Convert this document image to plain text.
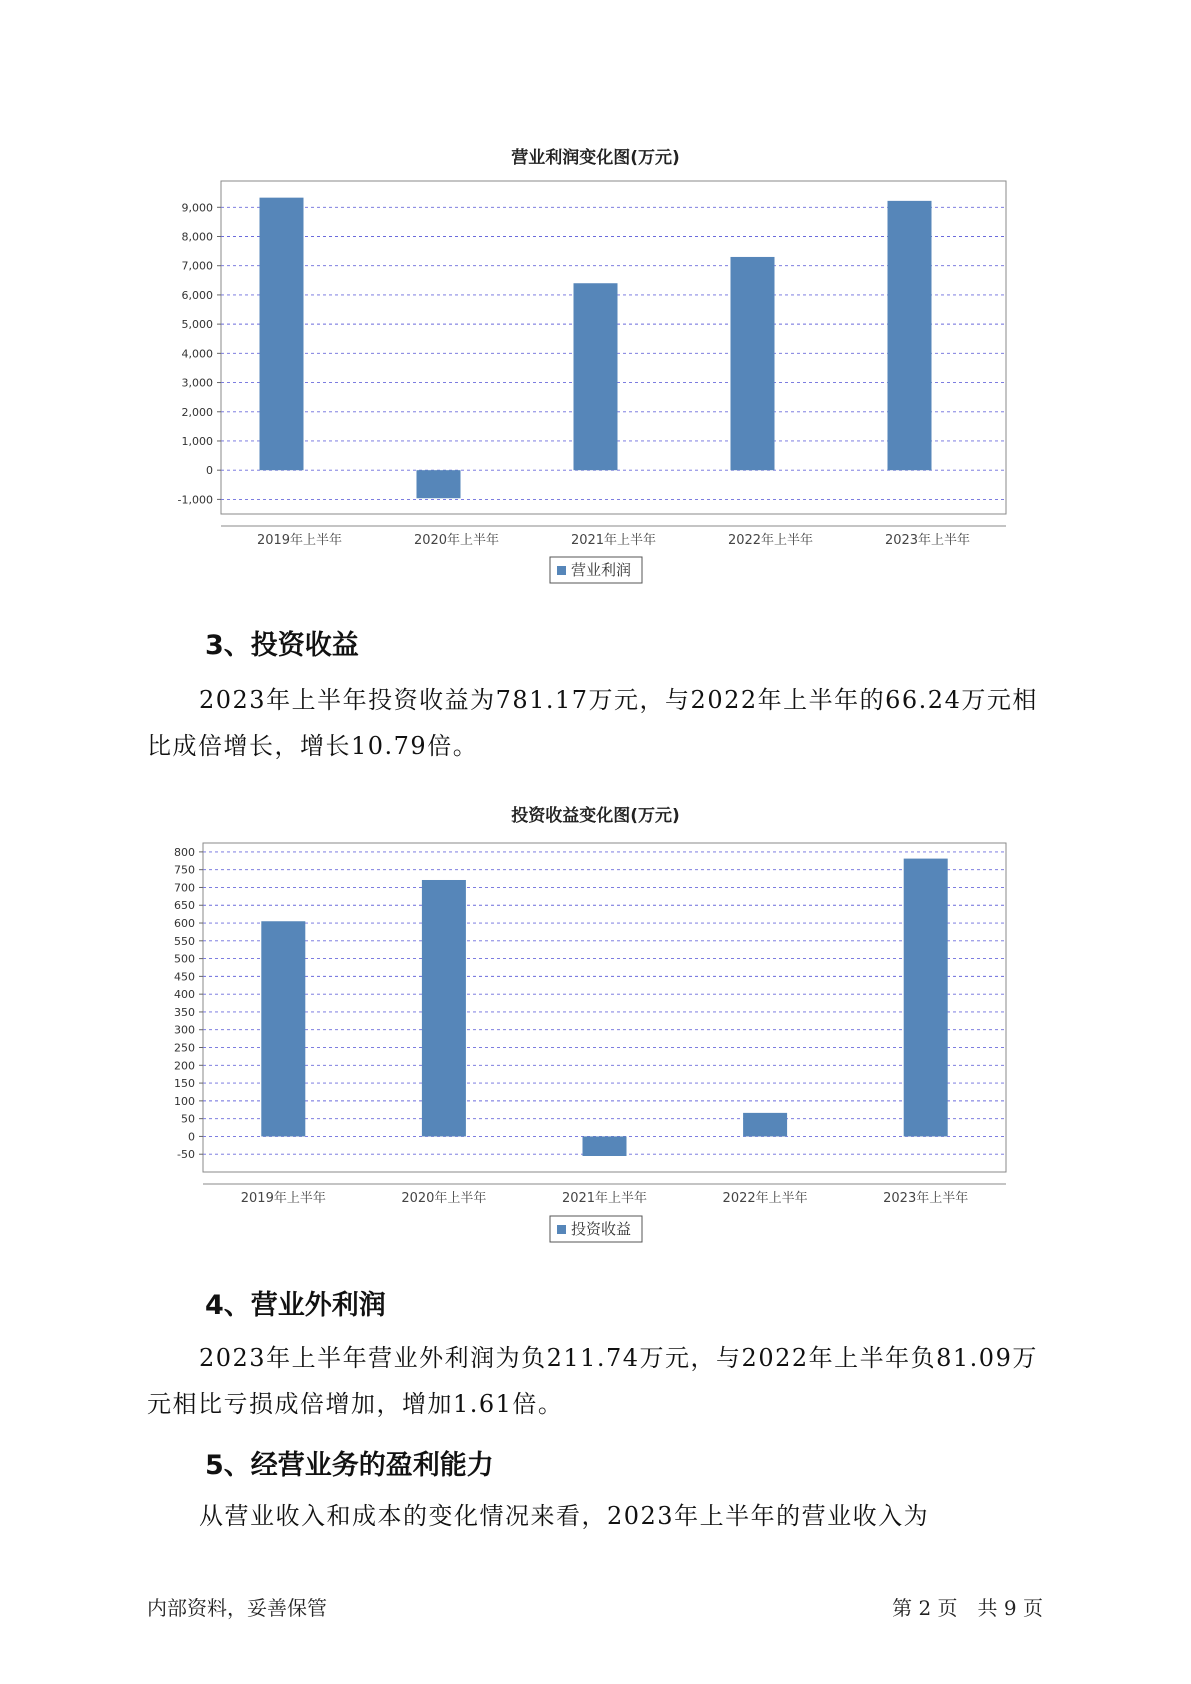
营业利润变化图(万元)
-1,000
0
1,000
2,000
3,000
4,000
5,000
6,000
7,000
8,000
9,000
2019年上半年	2020年上半年	2021年上半年	2022年上半年	2023年上半年
营业利润
3、投资收益
2023年上半年投资收益为781.17万元，与2022年上半年的66.24万元相
比成倍增长，增长10.79倍。
投资收益变化图(万元)
-50
0
50
100
150
200
250
300
350
400
450
500
550
600
650
700
750
800
2019年上半年	2020年上半年	2021年上半年	2022年上半年	2023年上半年
投资收益
4、营业外利润
2023年上半年营业外利润为负211.74万元，与2022年上半年负81.09万
元相比亏损成倍增加，增加1.61倍。
5、经营业务的盈利能力
从营业收入和成本的变化情况来看，2023年上半年的营业收入为
内部资料，妥善保管	第 2 页　共 9 页
